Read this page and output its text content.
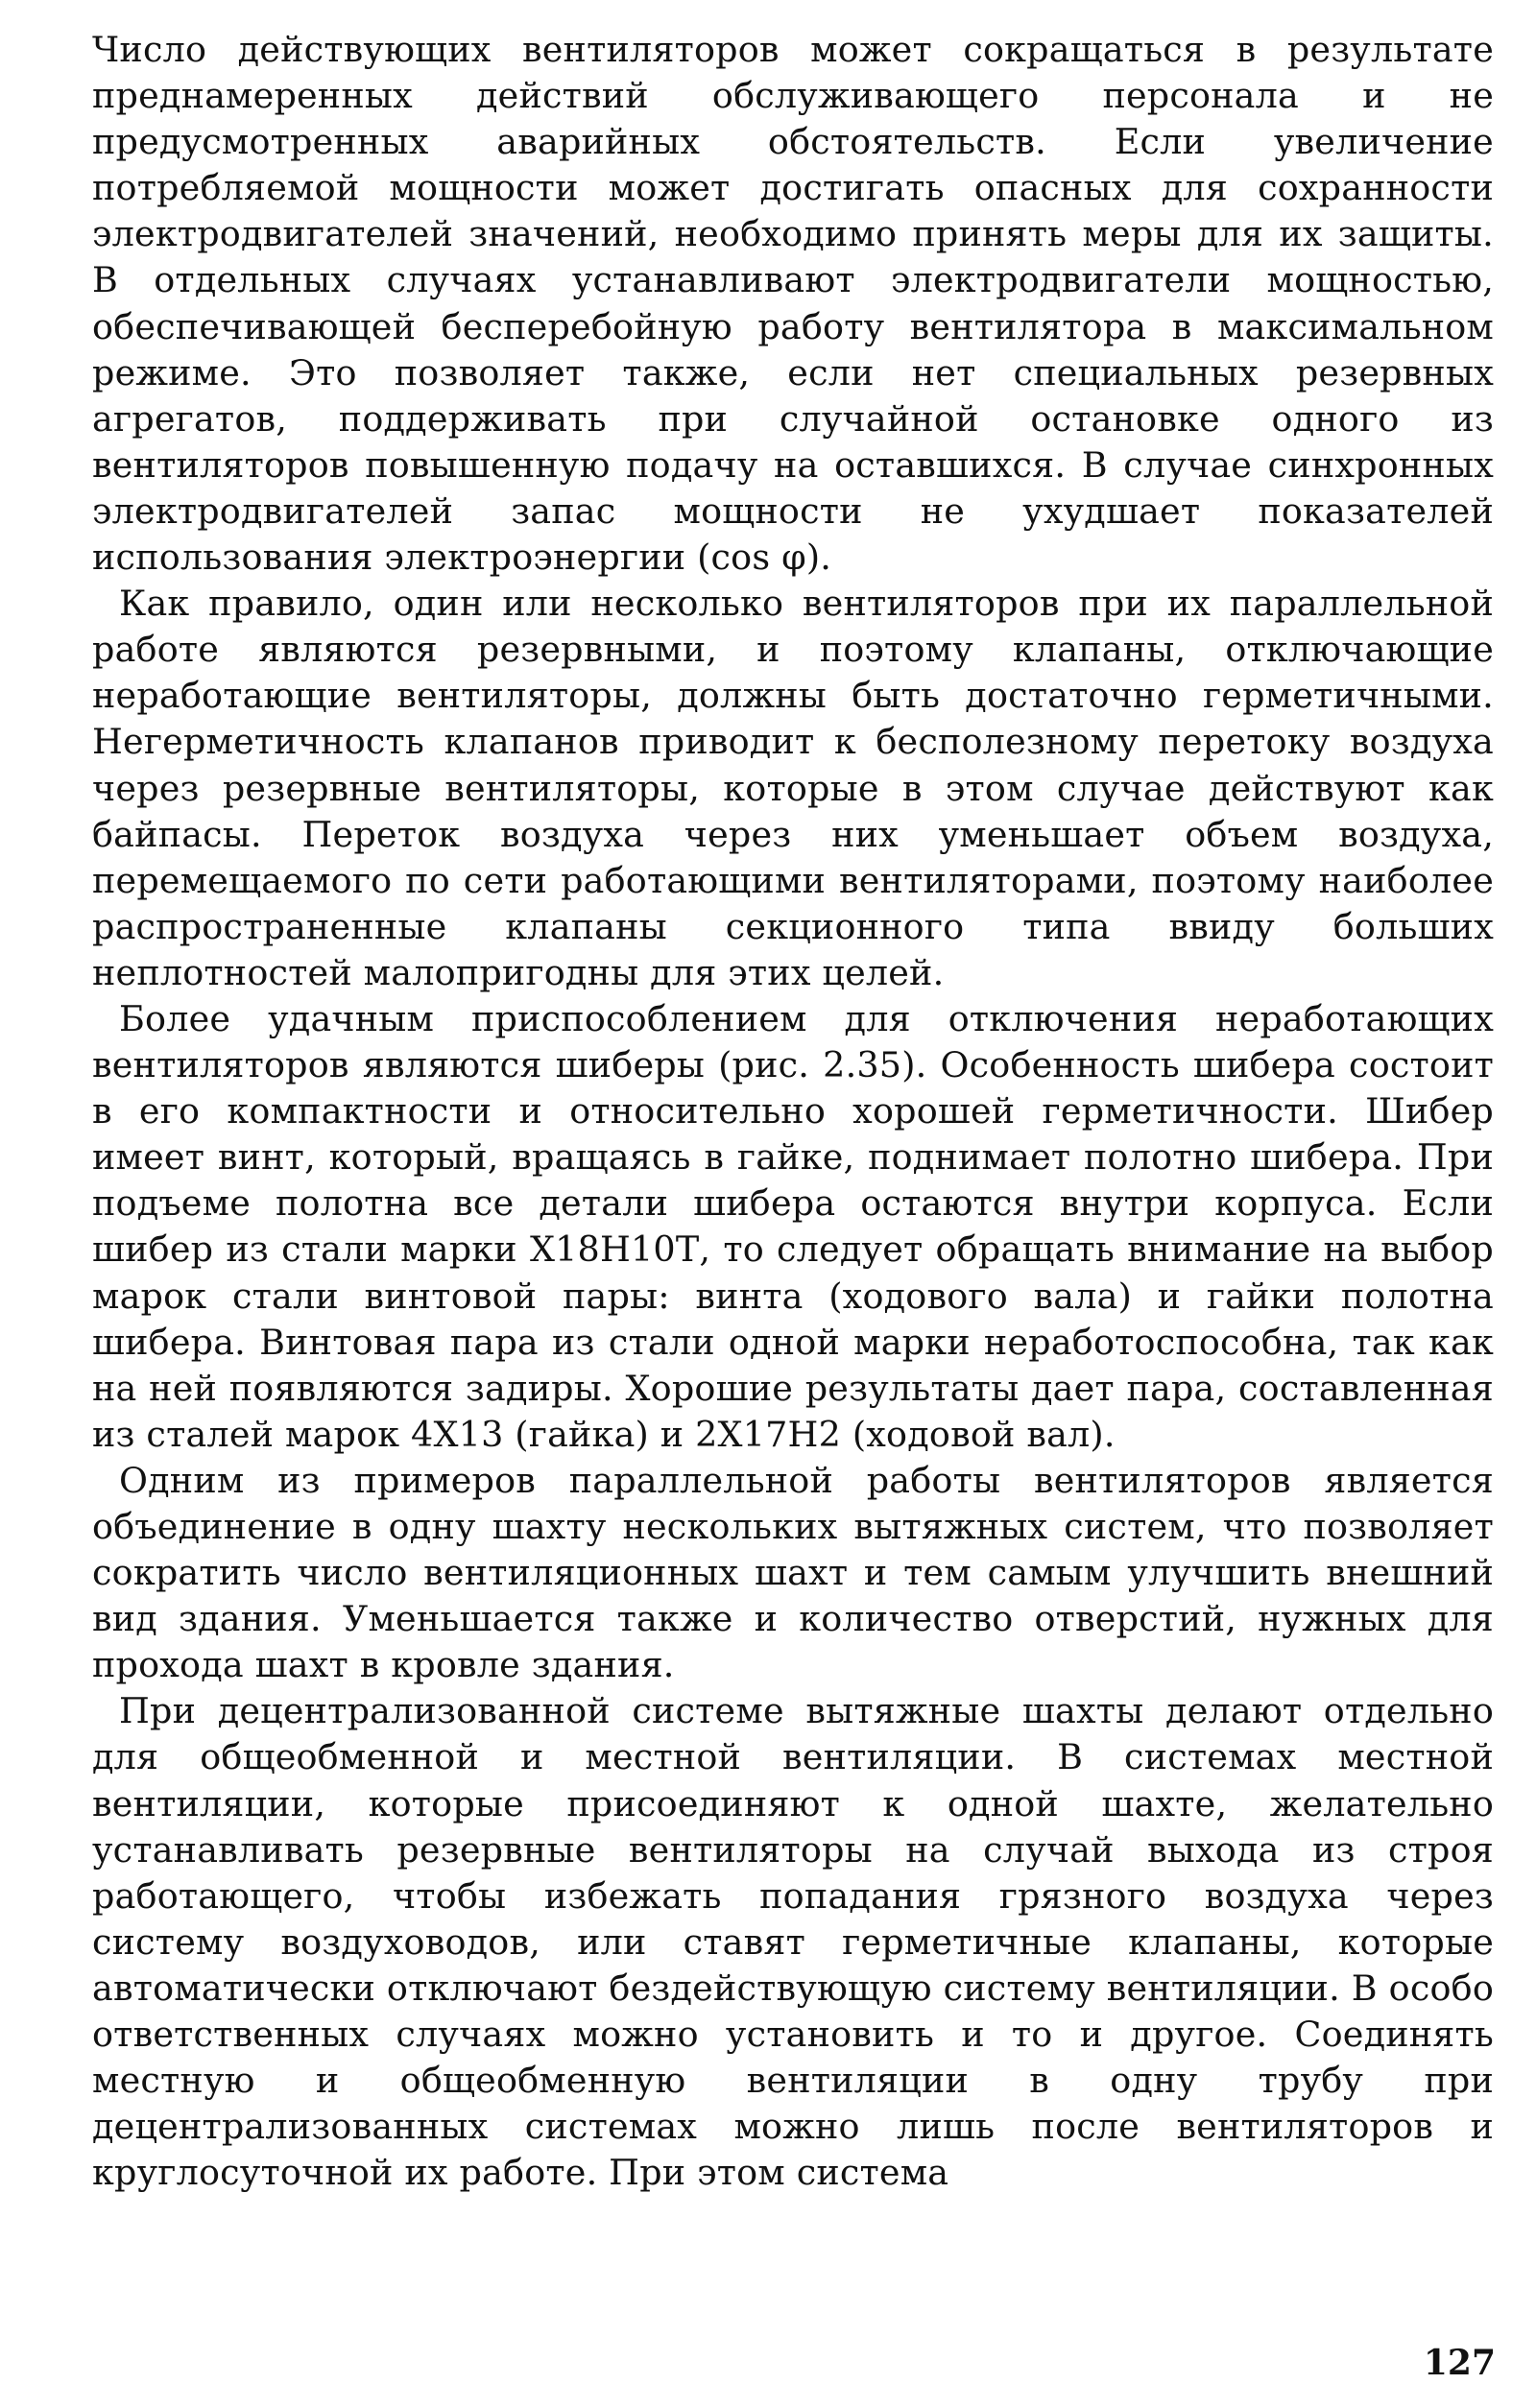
Число действующих вентиляторов может сокращаться в результате преднамеренных действий обслуживающего персонала и не предусмотренных аварийных обстоятельств. Если увеличение потребляемой мощности может достигать опасных для сохранности электродвигателей значений, необходимо принять меры для их защиты. В отдельных случаях устанавливают электродвигатели мощностью, обеспечивающей бесперебойную работу вентилятора в максимальном режиме. Это позволяет также, если нет специальных резервных агрегатов, поддерживать при случайной остановке одного из вентиляторов повышенную подачу на оставшихся. В случае синхронных электродвигателей запас мощности не ухудшает показателей использования электроэнергии (cos φ).

Как правило, один или несколько вентиляторов при их параллельной работе являются резервными, и поэтому клапаны, отключающие неработающие вентиляторы, должны быть достаточно герметичными. Негерметичность клапанов приводит к бесполезному перетоку воздуха через резервные вентиляторы, которые в этом случае действуют как байпасы. Переток воздуха через них уменьшает объем воздуха, перемещаемого по сети работающими вентиляторами, поэтому наиболее распространенные клапаны секционного типа ввиду больших неплотностей малопригодны для этих целей.

Более удачным приспособлением для отключения неработающих вентиляторов являются шиберы (рис. 2.35). Особенность шибера состоит в его компактности и относительно хорошей герметичности. Шибер имеет винт, который, вращаясь в гайке, поднимает полотно шибера. При подъеме полотна все детали шибера остаются внутри корпуса. Если шибер из стали марки Х18Н10Т, то следует обращать внимание на выбор марок стали винтовой пары: винта (ходового вала) и гайки полотна шибера. Винтовая пара из стали одной марки неработоспособна, так как на ней появляются задиры. Хорошие результаты дает пара, составленная из сталей марок 4Х13 (гайка) и 2Х17Н2 (ходовой вал).

Одним из примеров параллельной работы вентиляторов является объединение в одну шахту нескольких вытяжных систем, что позволяет сократить число вентиляционных шахт и тем самым улучшить внешний вид здания. Уменьшается также и количество отверстий, нужных для прохода шахт в кровле здания.

При децентрализованной системе вытяжные шахты делают отдельно для общеобменной и местной вентиляции. В системах местной вентиляции, которые присоединяют к одной шахте, желательно устанавливать резервные вентиляторы на случай выхода из строя работающего, чтобы избежать попадания грязного воздуха через систему воздуховодов, или ставят герметичные клапаны, которые автоматически отключают бездействующую систему вентиляции. В особо ответственных случаях можно установить и то и другое. Соединять местную и общеобменную вентиляции в одну трубу при децентрализованных системах можно лишь после вентиляторов и круглосуточной их работе. При этом система

127
